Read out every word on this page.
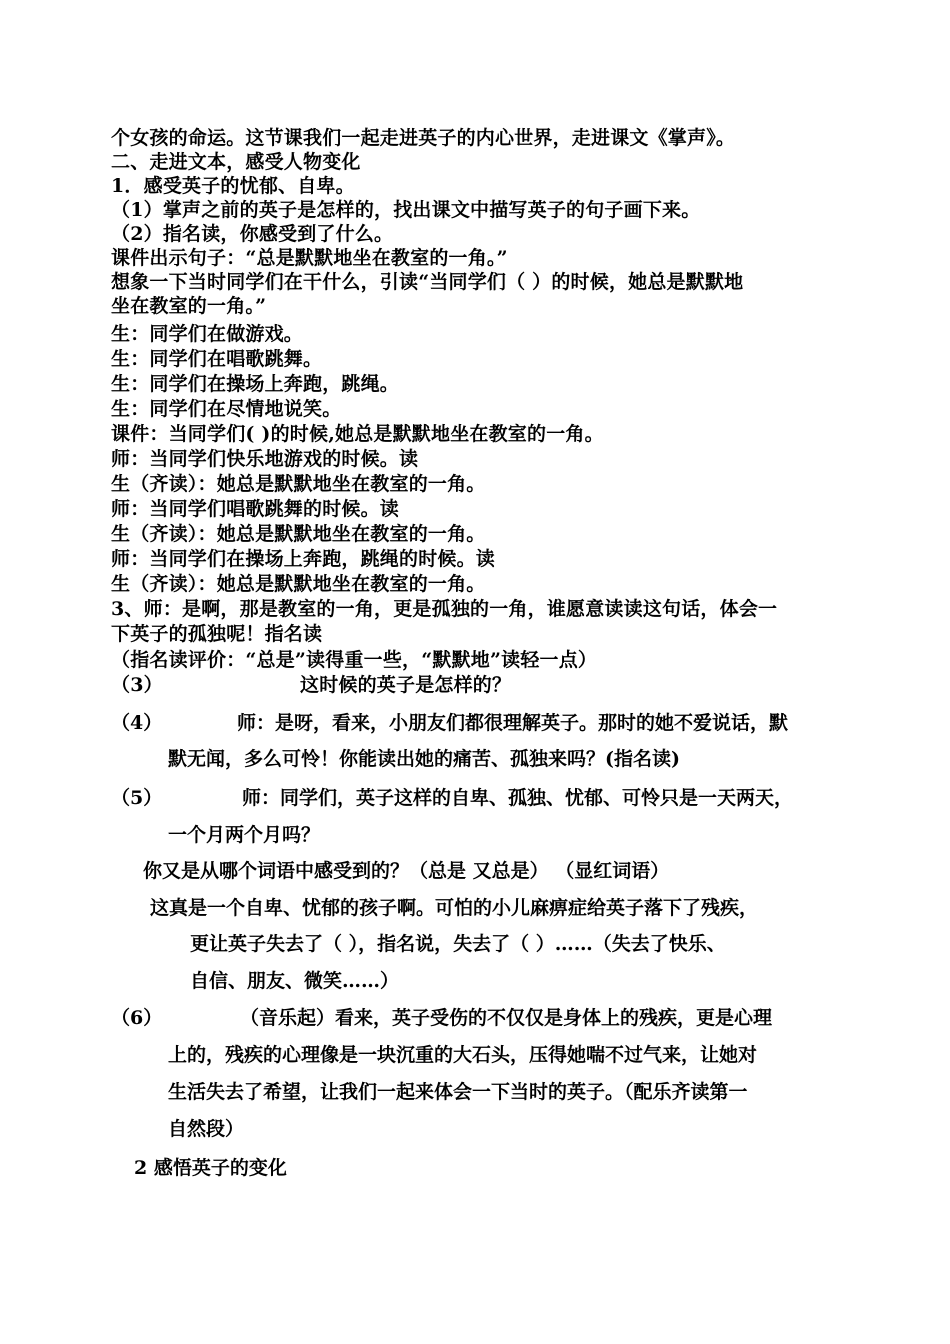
个女孩的命运。这节课我们一起走进英子的内心世界，走进课文《掌声》。
二、走进文本，感受人物变化
1．感受英子的忧郁、自卑。
（1）掌声之前的英子是怎样的，找出课文中描写英子的句子画下来。
（2）指名读，你感受到了什么。
课件出示句子：“总是默默地坐在教室的一角。”
想象一下当时同学们在干什么，引读“当同学们（ ）的时候，她总是默默地
坐在教室的一角。”
生：同学们在做游戏。
生：同学们在唱歌跳舞。
生：同学们在操场上奔跑，跳绳。
生：同学们在尽情地说笑。
课件：当同学们( )的时候,她总是默默地坐在教室的一角。
师：当同学们快乐地游戏的时候。读
生（齐读）：她总是默默地坐在教室的一角。
师：当同学们唱歌跳舞的时候。读
生（齐读）：她总是默默地坐在教室的一角。
师：当同学们在操场上奔跑，跳绳的时候。读
生（齐读）：她总是默默地坐在教室的一角。
3、师：是啊，那是教室的一角，更是孤独的一角，谁愿意读读这句话，体会一
下英子的孤独呢！指名读
（指名读评价：“总是”读得重一些，“默默地”读轻一点）
（3）	这时候的英子是怎样的？
（4）	师：是呀，看来，小朋友们都很理解英子。那时的她不爱说话，默
默无闻，多么可怜！你能读出她的痛苦、孤独来吗？(指名读)
（5）	师：同学们，英子这样的自卑、孤独、忧郁、可怜只是一天两天，
一个月两个月吗？
你又是从哪个词语中感受到的？（总是 又总是） （显红词语）
这真是一个自卑、忧郁的孩子啊。可怕的小儿麻痹症给英子落下了残疾，
更让英子失去了（ ），指名说，失去了（ ）……（失去了快乐、
自信、朋友、微笑……）
（6）	（音乐起）看来，英子受伤的不仅仅是身体上的残疾，更是心理
上的，残疾的心理像是一块沉重的大石头，压得她喘不过气来，让她对
生活失去了希望，让我们一起来体会一下当时的英子。（配乐齐读第一
自然段）
2 感悟英子的变化
